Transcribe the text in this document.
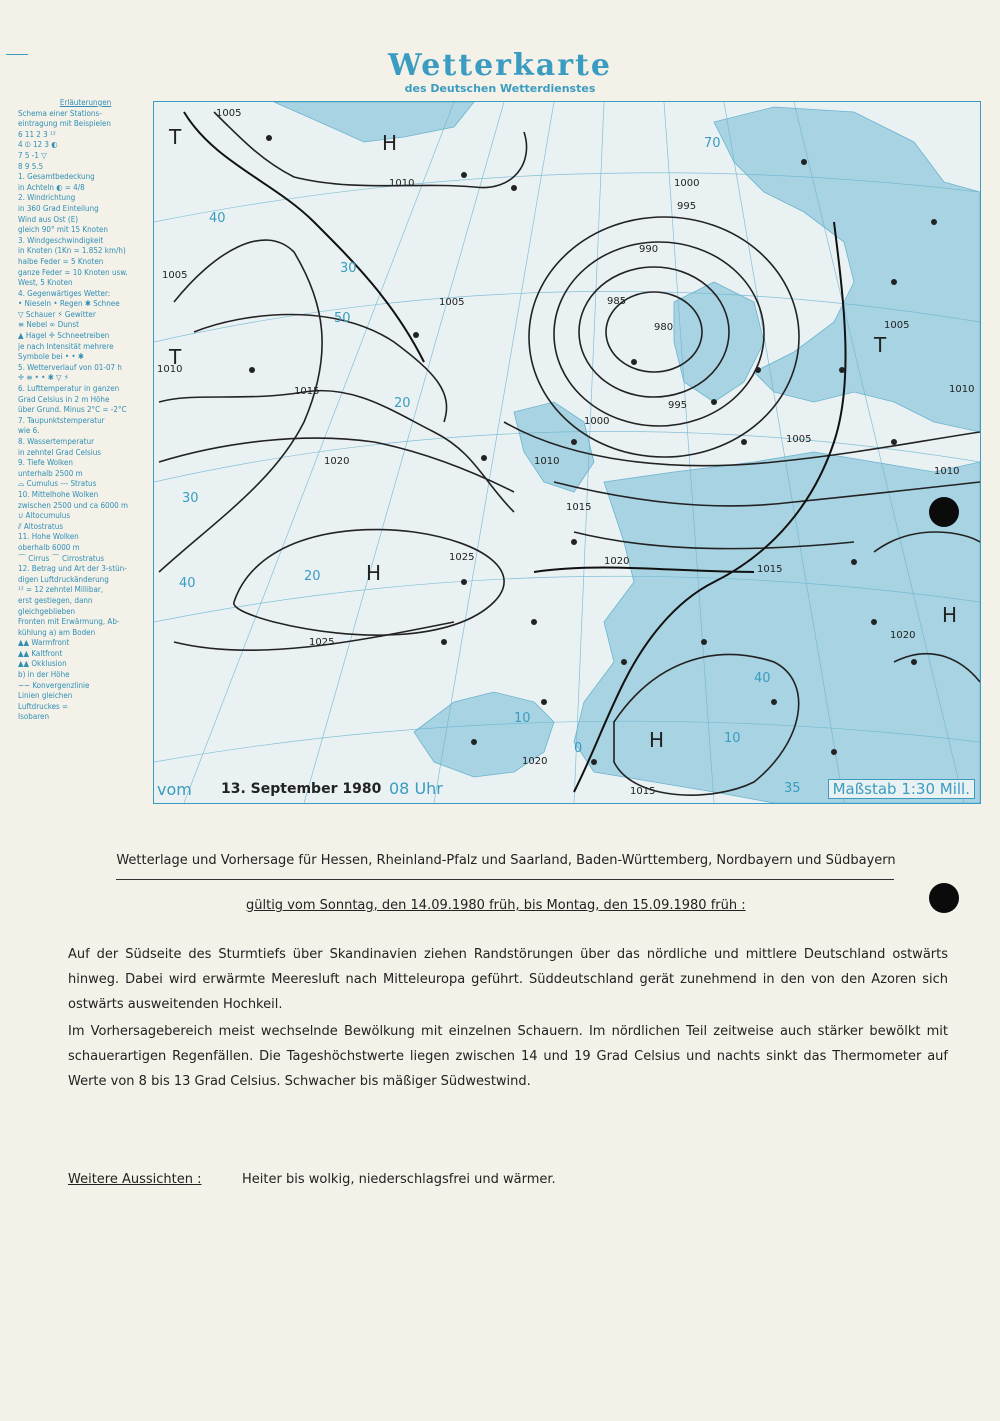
Wetterkarte
des Deutschen Wetterdienstes
Erläuterungen
Schema einer Stations-
eintragung mit Beispielen
6 11 2 3 ¹²
4 ⦶ 12 3 ◐
7 5 -1 ▽
8 9 5.5
1. Gesamtbedeckung
in Achteln ◐ = 4/8
2. Windrichtung
in 360 Grad Einteilung
Wind aus Ost (E)
gleich 90° mit 15 Knoten
3. Windgeschwindigkeit
in Knoten (1Kn = 1.852 km/h)
halbe Feder = 5 Knoten
ganze Feder = 10 Knoten usw.
West, 5 Knoten
4. Gegenwärtiges Wetter:
• Nieseln • Regen ✱ Schnee
▽ Schauer ⚡ Gewitter
≡ Nebel ∞ Dunst
▲ Hagel ✛ Schneetreiben
je nach Intensität mehrere
Symbole bei • • ✱
5. Wetterverlauf von 01-07 h
✛ ≡ • • ✱ ▽ ⚡
6. Lufttemperatur in ganzen
Grad Celsius in 2 m Höhe
über Grund. Minus 2°C = -2°C
7. Taupunktstemperatur
wie 6.
8. Wassertemperatur
in zehntel Grad Celsius
9. Tiefe Wolken
unterhalb 2500 m
⌓ Cumulus --- Stratus
10. Mittelhohe Wolken
zwischen 2500 und ca 6000 m
∪ Altocumulus
⫽ Altostratus
11. Hohe Wolken
oberhalb 6000 m
⌒ Cirrus ⌒ Cirrostratus
12. Betrag und Art der 3-stün-
digen Luftdruckänderung
¹² = 12 zehntel Millibar,
erst gestiegen, dann
gleichgeblieben
Fronten mit Erwärmung, Ab-
kühlung a) am Boden
▲▲ Warmfront
▲▲ Kaltfront
▲▲ Okklusion
b) in der Höhe
∼∼ Konvergenzlinie
Linien gleichen
Luftdruckes =
Isobaren
1005
1010
1005
1005
1010
1015
1020
1025
1025
1000
995
990
985
980
995
1000
1005
1010
1015
1020
1015
1010
1005
1010
1020
1020
1015
T	H
T
H
T
H
H
30
40
30
40	20
50
70
0
10
40
35
20
10
vom 13. September 1980 08 Uhr	Maßstab 1:30 Mill.
Wetterlage und Vorhersage für Hessen, Rheinland-Pfalz und Saarland, Baden-Württemberg, Nordbayern und Südbayern
gültig vom Sonntag, den 14.09.1980 früh, bis Montag, den 15.09.1980 früh :
Auf der Südseite des Sturmtiefs über Skandinavien ziehen Randstörungen über das nördliche und mittlere Deutschland ostwärts hinweg. Dabei wird erwärmte Meeresluft nach Mitteleuropa geführt. Süddeutschland gerät zunehmend in den von den Azoren sich ostwärts ausweitenden Hochkeil.
Im Vorhersagebereich meist wechselnde Bewölkung mit einzelnen Schauern. Im nördlichen Teil zeitweise auch stärker bewölkt mit schauerartigen Regenfällen. Die Tageshöchstwerte liegen zwischen 14 und 19 Grad Celsius und nachts sinkt das Thermometer auf Werte von 8 bis 13 Grad Celsius. Schwacher bis mäßiger Südwestwind.
Weitere Aussichten :	Heiter bis wolkig, niederschlagsfrei und wärmer.
